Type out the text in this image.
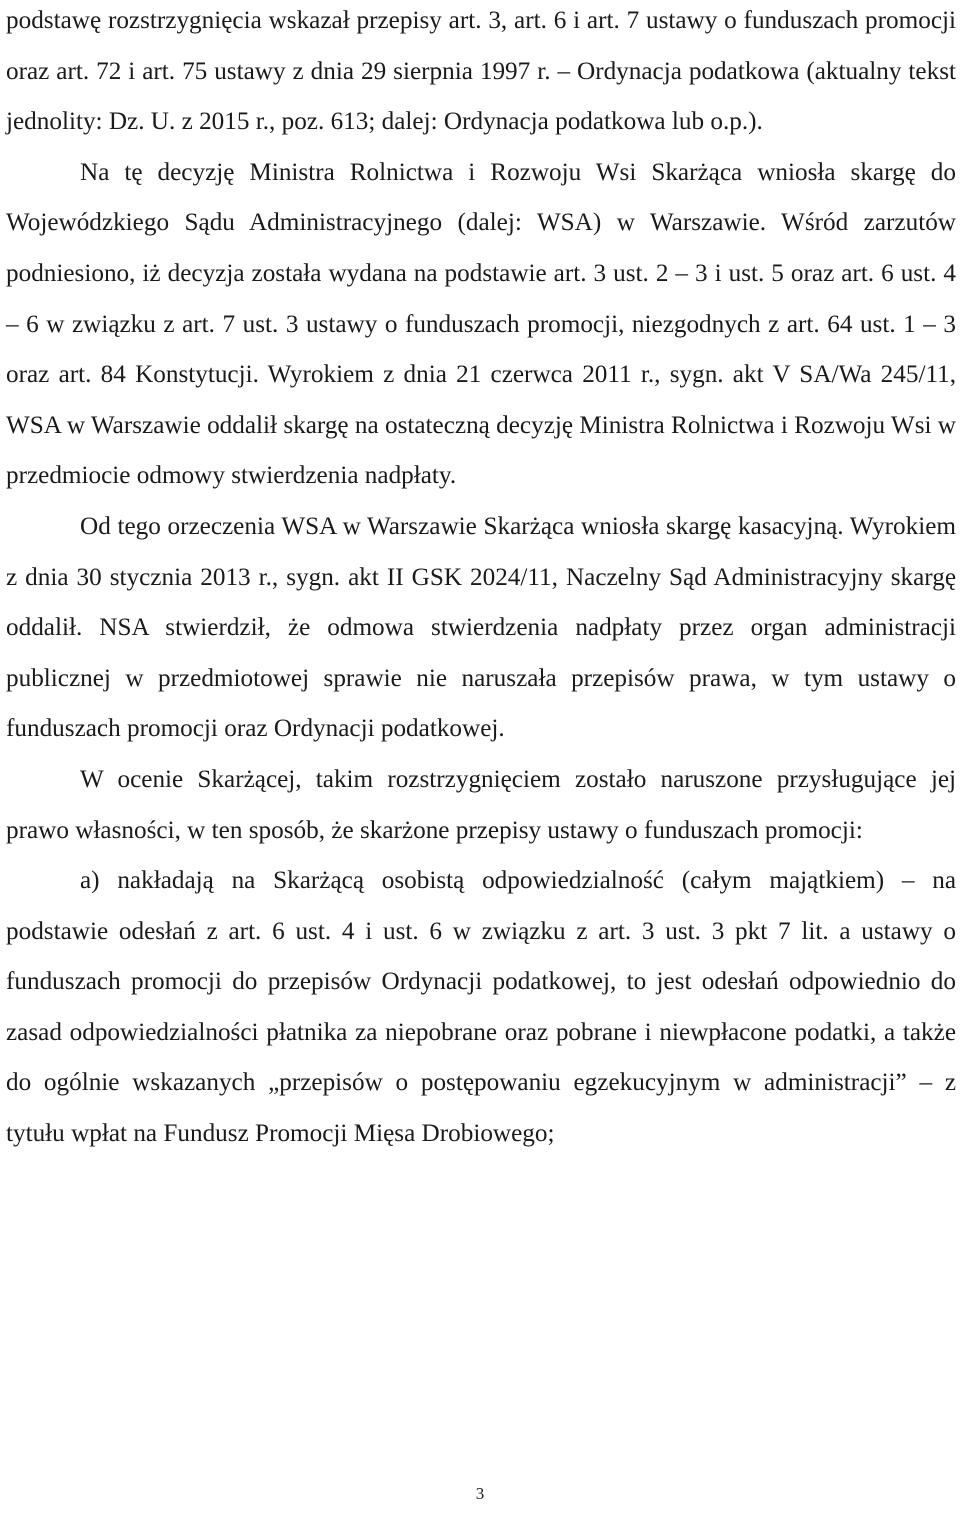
podstawę rozstrzygnięcia wskazał przepisy art. 3, art. 6 i art. 7 ustawy o funduszach promocji oraz art. 72 i art. 75 ustawy z dnia 29 sierpnia 1997 r. – Ordynacja podatkowa (aktualny tekst jednolity: Dz. U. z 2015 r., poz. 613; dalej: Ordynacja podatkowa lub o.p.).

Na tę decyzję Ministra Rolnictwa i Rozwoju Wsi Skarżąca wniosła skargę do Wojewódzkiego Sądu Administracyjnego (dalej: WSA) w Warszawie. Wśród zarzutów podniesiono, iż decyzja została wydana na podstawie art. 3 ust. 2 – 3 i ust. 5 oraz art. 6 ust. 4 – 6 w związku z art. 7 ust. 3 ustawy o funduszach promocji, niezgodnych z art. 64 ust. 1 – 3 oraz art. 84 Konstytucji. Wyrokiem z dnia 21 czerwca 2011 r., sygn. akt V SA/Wa 245/11, WSA w Warszawie oddalił skargę na ostateczną decyzję Ministra Rolnictwa i Rozwoju Wsi w przedmiocie odmowy stwierdzenia nadpłaty.

Od tego orzeczenia WSA w Warszawie Skarżąca wniosła skargę kasacyjną. Wyrokiem z dnia 30 stycznia 2013 r., sygn. akt II GSK 2024/11, Naczelny Sąd Administracyjny skargę oddalił. NSA stwierdził, że odmowa stwierdzenia nadpłaty przez organ administracji publicznej w przedmiotowej sprawie nie naruszała przepisów prawa, w tym ustawy o funduszach promocji oraz Ordynacji podatkowej.

W ocenie Skarżącej, takim rozstrzygnięciem zostało naruszone przysługujące jej prawo własności, w ten sposób, że skarżone przepisy ustawy o funduszach promocji:

a) nakładają na Skarżącą osobistą odpowiedzialność (całym majątkiem) – na podstawie odesłań z art. 6 ust. 4 i ust. 6 w związku z art. 3 ust. 3 pkt 7 lit. a ustawy o funduszach promocji do przepisów Ordynacji podatkowej, to jest odesłań odpowiednio do zasad odpowiedzialności płatnika za niepobrane oraz pobrane i niewpłacone podatki, a także do ogólnie wskazanych „przepisów o postępowaniu egzekucyjnym w administracji” – z tytułu wpłat na Fundusz Promocji Mięsa Drobiowego;

3
